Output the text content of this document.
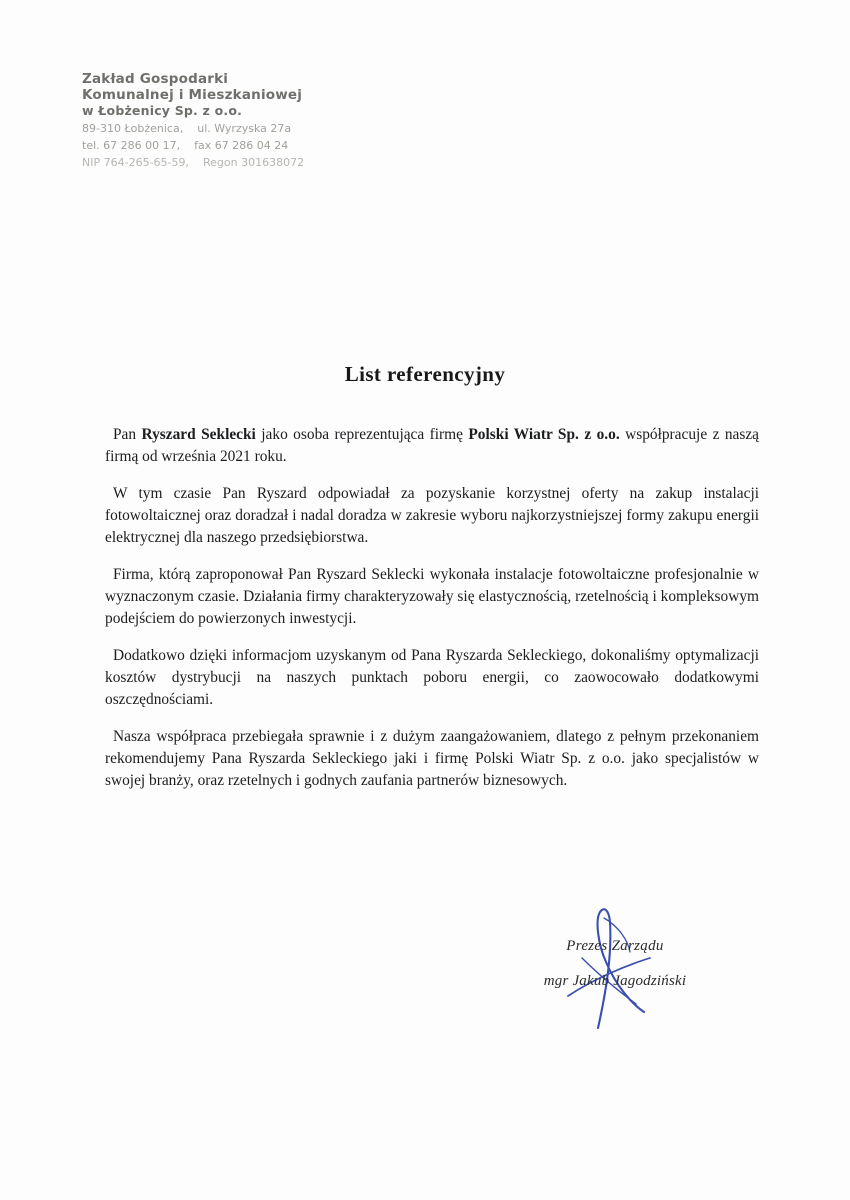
Zakład Gospodarki
Komunalnej i Mieszkaniowej
w Łobżenicy Sp. z o.o.
89-310 Łobżenica, ul. Wyrzyska 27a
tel. 67 286 00 17, fax 67 286 04 24
NIP 764-265-65-59, Regon 301638072
List referencyjny

Pan Ryszard Seklecki jako osoba reprezentująca firmę Polski Wiatr Sp. z o.o. współpracuje z naszą firmą od września 2021 roku.

W tym czasie Pan Ryszard odpowiadał za pozyskanie korzystnej oferty na zakup instalacji fotowoltaicznej oraz doradzał i nadal doradza w zakresie wyboru najkorzystniejszej formy zakupu energii elektrycznej dla naszego przedsiębiorstwa.

Firma, którą zaproponował Pan Ryszard Seklecki wykonała instalacje fotowoltaiczne profesjonalnie w wyznaczonym czasie. Działania firmy charakteryzowały się elastycznością, rzetelnością i kompleksowym podejściem do powierzonych inwestycji.

Dodatkowo dzięki informacjom uzyskanym od Pana Ryszarda Sekleckiego, dokonaliśmy optymalizacji kosztów dystrybucji na naszych punktach poboru energii, co zaowocowało dodatkowymi oszczędnościami.

Nasza współpraca przebiegała sprawnie i z dużym zaangażowaniem, dlatego z pełnym przekonaniem rekomendujemy Pana Ryszarda Sekleckiego jaki i firmę Polski Wiatr Sp. z o.o. jako specjalistów w swojej branży, oraz rzetelnych i godnych zaufania partnerów biznesowych.

Prezes Zarządu
mgr Jakub Jagodziński
